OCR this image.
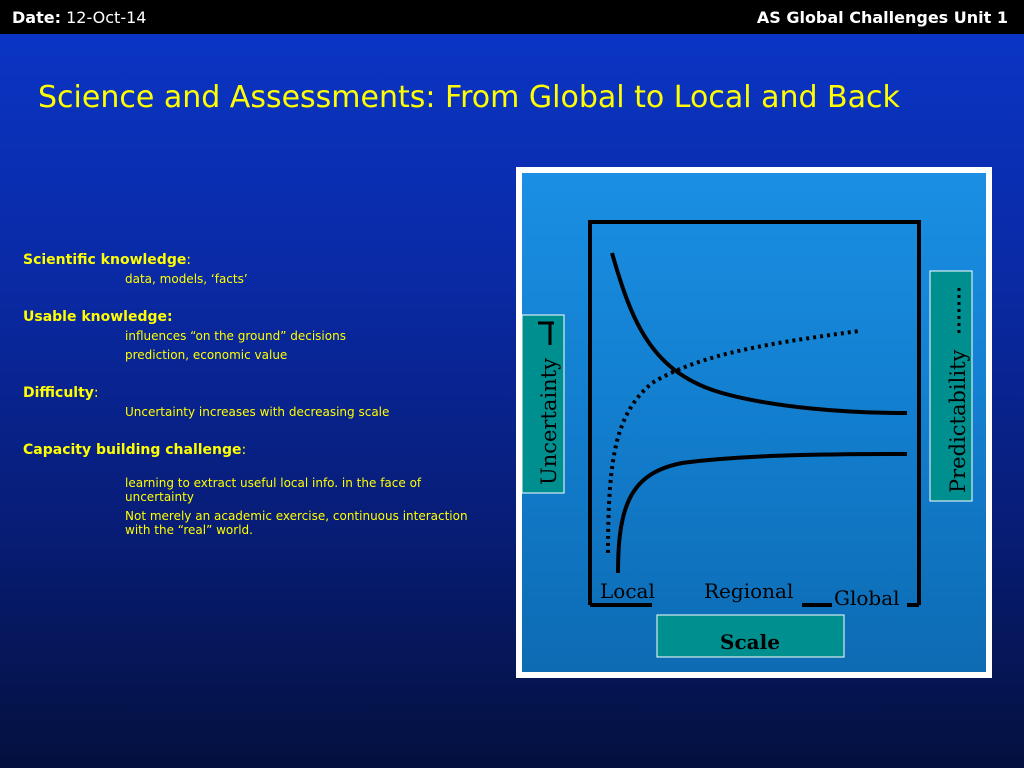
Date: 12-Oct-14	AS Global Challenges Unit 1
Science and Assessments: From Global to Local and Back
Scientific knowledge:
data, models, ‘facts’
Usable knowledge:
influences “on the ground” decisions
prediction, economic value
Difficulty:
Uncertainty increases with decreasing scale
Capacity building challenge:
learning to extract useful local info. in the face of uncertainty
Not merely an academic exercise, continuous interaction with the “real” world.
Uncertainty	Predictability
Local Regional Global
Scale
